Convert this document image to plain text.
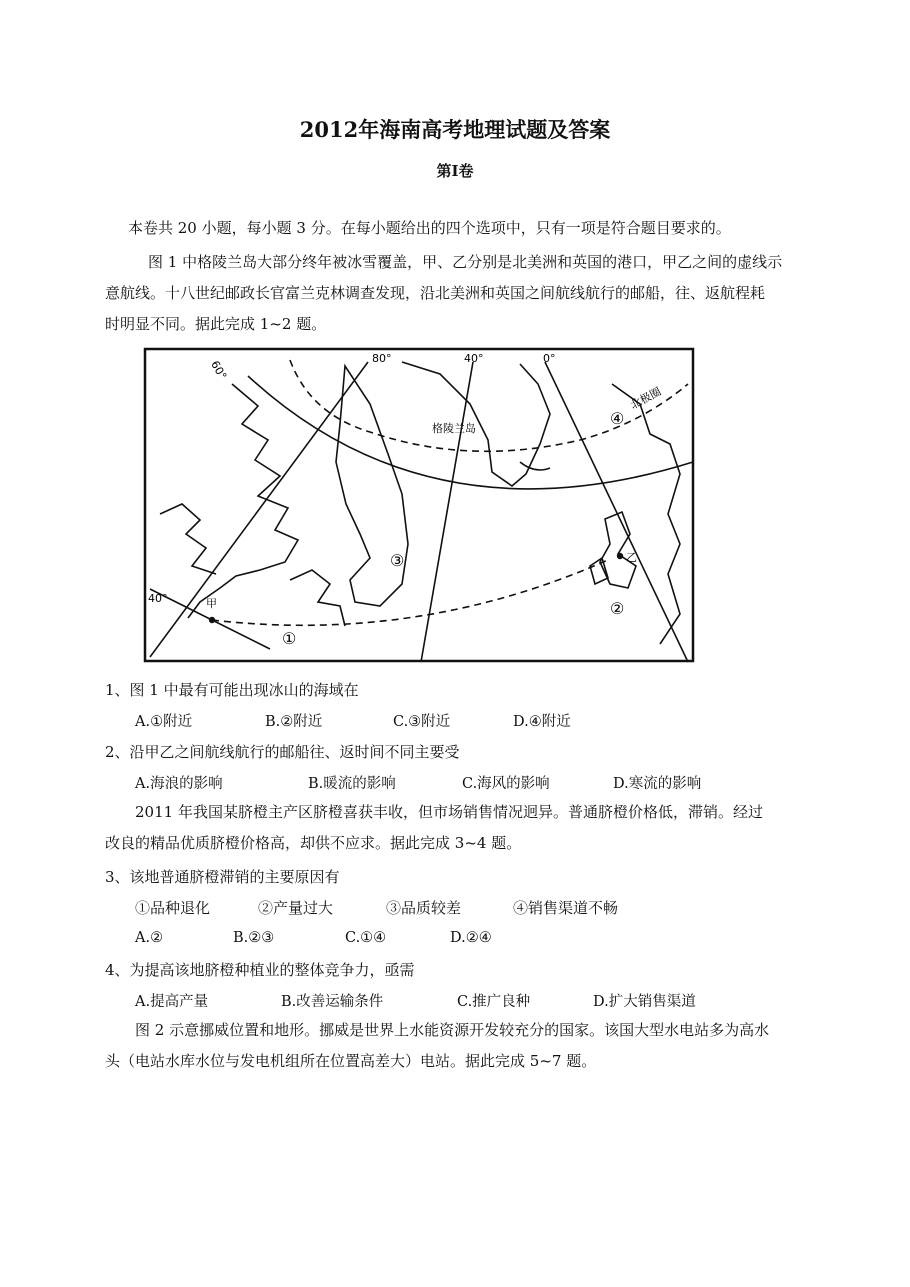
2012年海南高考地理试题及答案
第Ⅰ卷
本卷共 20 小题，每小题 3 分。在每小题给出的四个选项中，只有一项是符合题目要求的。
图 1 中格陵兰岛大部分终年被冰雪覆盖，甲、乙分别是北美洲和英国的港口，甲乙之间的虚线示
意航线。十八世纪邮政长官富兰克林调查发现，沿北美洲和英国之间航线航行的邮船，往、返航程耗
时明显不同。据此完成 1~2 题。
60°
80°	40°	0°
40°
北极圈
格陵兰岛
甲
乙
①
②
③
④
1、图 1 中最有可能出现冰山的海域在
A.①附近	B.②附近	C.③附近	D.④附近
2、沿甲乙之间航线航行的邮船往、返时间不同主要受
A.海浪的影响	B.暖流的影响	C.海风的影响	D.寒流的影响
2011 年我国某脐橙主产区脐橙喜获丰收，但市场销售情况迥异。普通脐橙价格低，滞销。经过
改良的精品优质脐橙价格高，却供不应求。据此完成 3~4 题。
3、该地普通脐橙滞销的主要原因有
①品种退化	②产量过大	③品质较差	④销售渠道不畅
A.②	B.②③	C.①④	D.②④
4、为提高该地脐橙种植业的整体竞争力，亟需
A.提高产量	B.改善运输条件	C.推广良种	D.扩大销售渠道
图 2 示意挪威位置和地形。挪威是世界上水能资源开发较充分的国家。该国大型水电站多为高水
头（电站水库水位与发电机组所在位置高差大）电站。据此完成 5~7 题。
